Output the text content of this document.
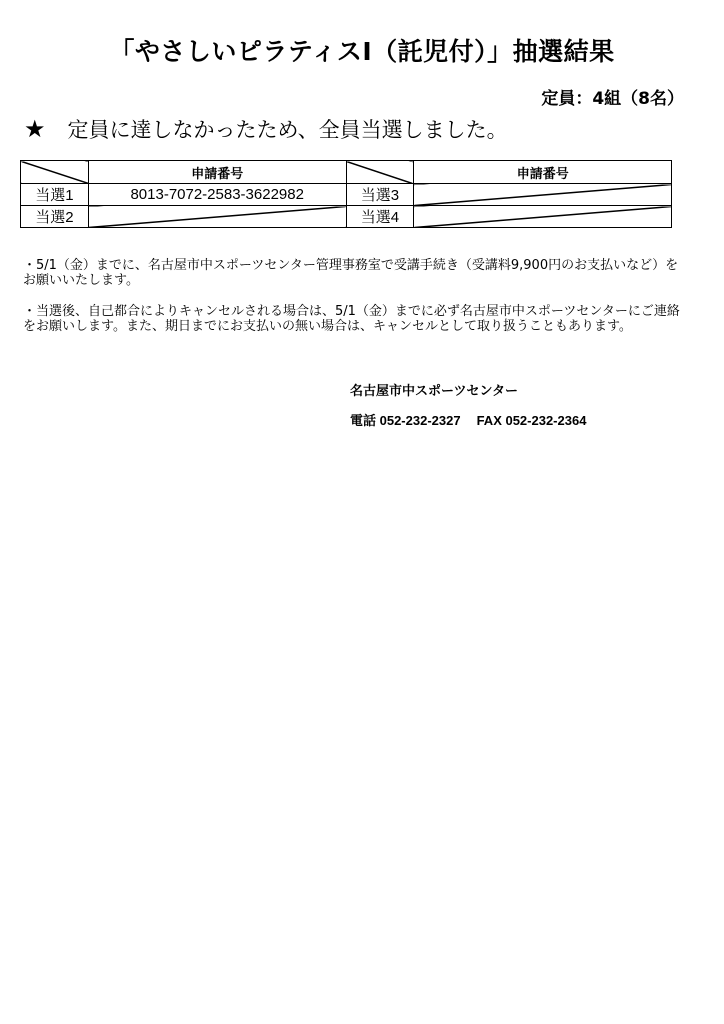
「やさしいピラティスⅠ（託児付）」抽選結果
定員：4組（8名）
★ 定員に達しなかったため、全員当選しました。
	申請番号		申請番号
当選1	8013-7072-2583-3622982	当選3	
当選2		当選4	

・5/1（金）までに、名古屋市中スポーツセンター管理事務室で受講手続き（受講料9,900円のお支払いなど）をお願いいたします。

・当選後、自己都合によりキャンセルされる場合は、5/1（金）までに必ず名古屋市中スポーツセンターにご連絡をお願いします。また、期日までにお支払いの無い場合は、キャンセルとして取り扱うこともあります。

名古屋市中スポーツセンター
電話 052-232-2327 FAX 052-232-2364
